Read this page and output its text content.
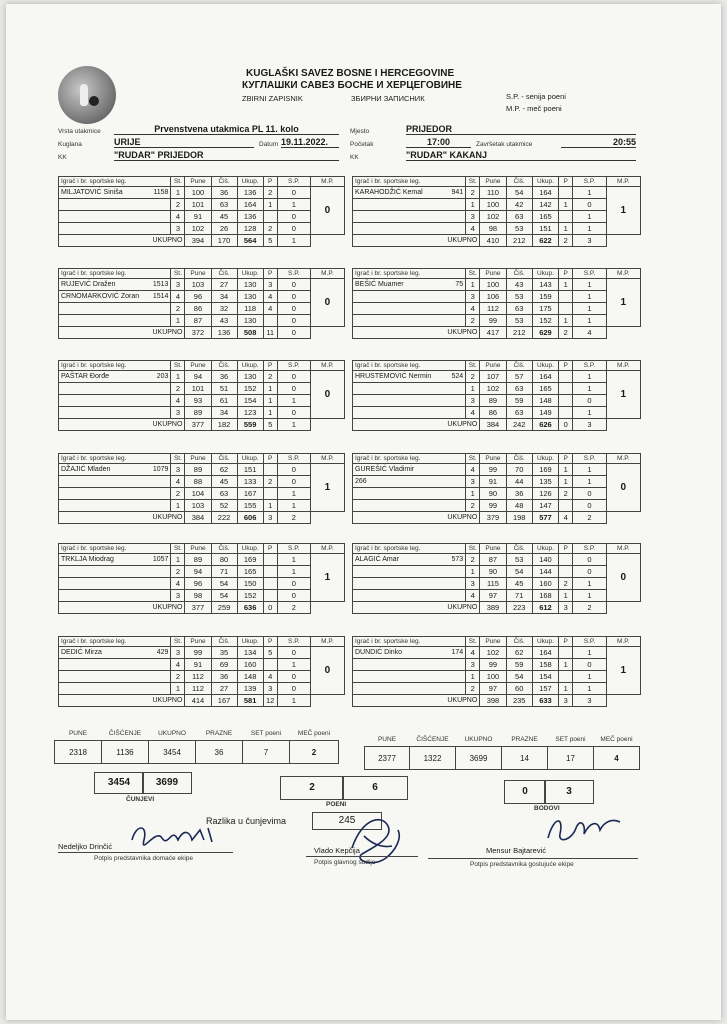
KUGLAŠKI SAVEZ BOSNE I HERCEGOVINE
КУГЛАШКИ САВЕЗ БОСНЕ И ХЕРЦЕГОВИНЕ
ZBIRNI ZAPISNIK	ЗБИРНИ ЗАПИСНИК	S.P. - senija poeni
M.P. - meč poeni
Vrsta utakmice	Prvenstvena utakmica PL 11. kolo
Kuglana	URIJE	Datum 19.11.2022.
KK	"RUDAR" PRIJEDOR
Mjesto	PRIJEDOR
Početak	17:00	Završetak utakmice	20:55
KK	"RUDAR" KAKANJ
Igrač i br. sportske leg.	St.	Pune	Čiš.	Ukup.	P	S.P.	M.P.
MILJATOVIĆ Siniša 1158	1	100	36	136	2	0	0
	2	101	63	164	1	1	
	4	91	45	136		0	
	3	102	26	128	2	0	
UKUPNO		394	170	564	5	1	
Igrač i br. sportske leg.	St.	Pune	Čiš.	Ukup.	P	S.P.	M.P.
KARAHODŽIĆ Kemal 941	2	110	54	164		1	1
	1	100	42	142	1	0	
	3	102	63	165		1	
	4	98	53	151	1	1	
UKUPNO		410	212	622	2	3	
Igrač i br. sportske leg.	St.	Pune	Čiš.	Ukup.	P	S.P.	M.P.
RUJEVIĆ Dražen 1513	3	103	27	130	3	0	0
CRNOMARKOVIĆ Zoran 1514	4	96	34	130	4	0	
	2	86	32	118	4	0	
	1	87	43	130		0	
UKUPNO		372	136	508	11	0	
Igrač i br. sportske leg.	St.	Pune	Čiš.	Ukup.	P	S.P.	M.P.
BEŠIĆ Muamer 75	1	100	43	143	1	1	1
	3	106	53	159		1	
	4	112	63	175		1	
	2	99	53	152	1	1	
UKUPNO		417	212	629	2	4	
Igrač i br. sportske leg.	St.	Pune	Čiš.	Ukup.	P	S.P.	M.P.
PAŠTAR Đorđe 203	1	94	36	130	2	0	0
	2	101	51	152	1	0	
	4	93	61	154	1	1	
	3	89	34	123	1	0	
UKUPNO		377	182	559	5	1	
Igrač i br. sportske leg.	St.	Pune	Čiš.	Ukup.	P	S.P.	M.P.
HRUSTEMOVIĆ Nermin 524	2	107	57	164		1	1
	1	102	63	165		1	
	3	89	59	148		0	
	4	86	63	149		1	
UKUPNO		384	242	626	0	3	
Igrač i br. sportske leg.	St.	Pune	Čiš.	Ukup.	P	S.P.	M.P.
DŽAJIĆ Mladen 1079	3	89	62	151		0	1
	4	88	45	133	2	0	
	2	104	63	167		1	
	1	103	52	155	1	1	
UKUPNO		384	222	606	3	2	
Igrač i br. sportske leg.	St.	Pune	Čiš.	Ukup.	P	S.P.	M.P.
GUREŠIĆ Vladimir	4	99	70	169	1	1	0
266	3	91	44	135	1	1	
	1	90	36	126	2	0	
	2	99	48	147		0	
UKUPNO		379	198	577	4	2	
Igrač i br. sportske leg.	St.	Pune	Čiš.	Ukup.	P	S.P.	M.P.
TRKLJA Miodrag 1057	1	89	80	169		1	1
	2	94	71	165		1	
	4	96	54	150		0	
	3	98	54	152		0	
UKUPNO		377	259	636	0	2	
Igrač i br. sportske leg.	St.	Pune	Čiš.	Ukup.	P	S.P.	M.P.
ALAGIĆ Amar 573	2	87	53	140		0	0
	1	90	54	144		0	
	3	115	45	160	2	1	
	4	97	71	168	1	1	
UKUPNO		389	223	612	3	2	
Igrač i br. sportske leg.	St.	Pune	Čiš.	Ukup.	P	S.P.	M.P.
DEDIĆ Mirza 429	3	99	35	134	5	0	0
	4	91	69	160		1	
	2	112	36	148	4	0	
	1	112	27	139	3	0	
UKUPNO		414	167	581	12	1	
Igrač i br. sportske leg.	St.	Pune	Čiš.	Ukup.	P	S.P.	M.P.
DUNDIĆ Dinko 174	4	102	62	164		1	1
	3	99	59	158	1	0	
	1	100	54	154		1	
	2	97	60	157	1	1	
UKUPNO		398	235	633	3	3	
PUNE	ČIŠĆENJE	UKUPNO	PRAZNE	SET poeni	MEČ poeni
2318	1136	3454	36	7	2
PUNE	ČIŠĆENJE	UKUPNO	PRAZNE	SET poeni	MEČ poeni
2377	1322	3699	14	17	4
3454	3699
ČUNJEVI
2	6
POENI
0	3
BODOVI
Razlika u čunjevima	245
Nedeljko Drinčić
Potpis predstavnika domaće ekipe
Vlado Kepčija
Potpis glavnog sudije
Mensur Bajtarević
Potpis predstavnika gostujuće ekipe
